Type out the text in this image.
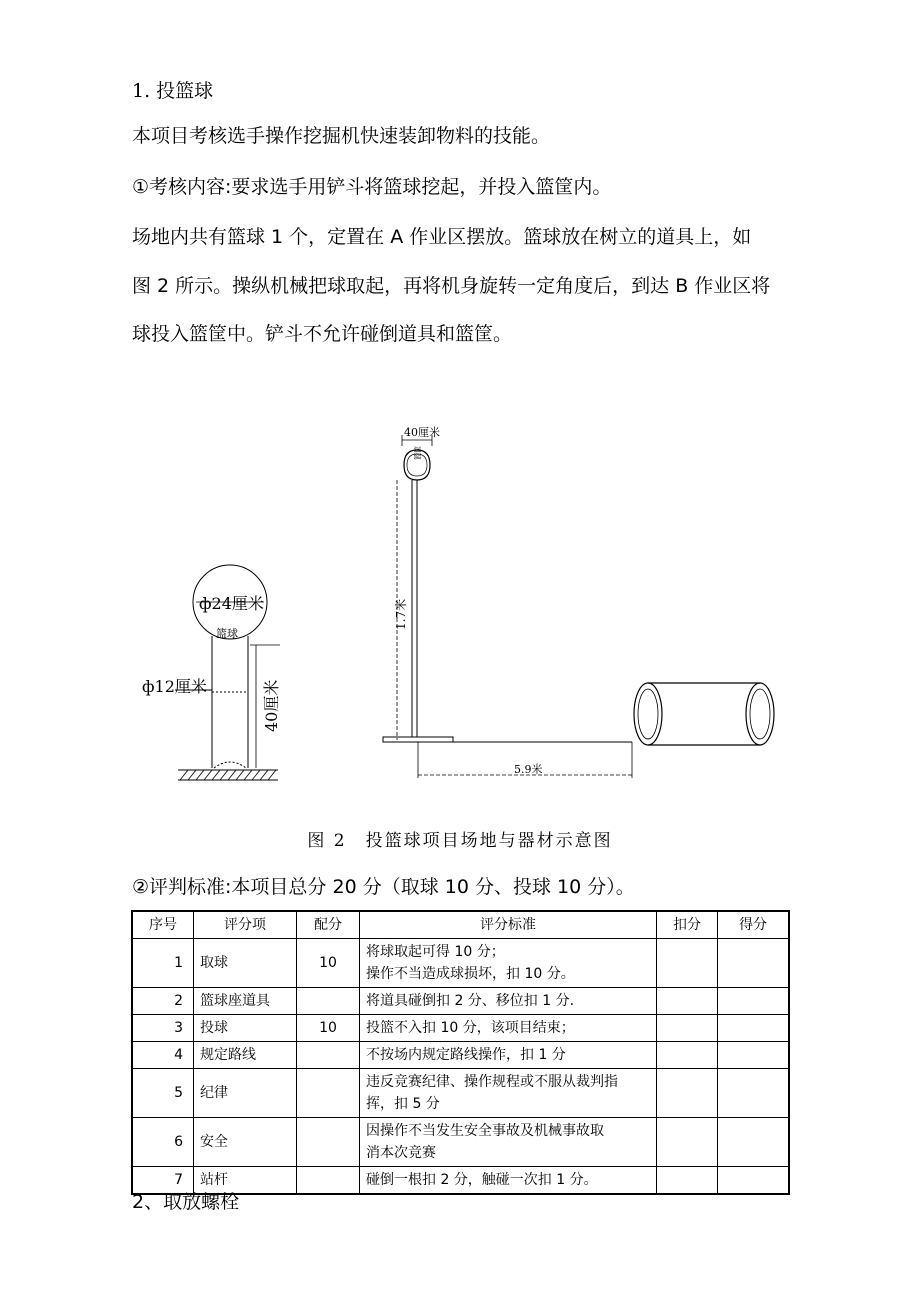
1. 投篮球
本项目考核选手操作挖掘机快速装卸物料的技能。
①考核内容:要求选手用铲斗将篮球挖起，并投入篮筐内。
场地内共有篮球 1 个，定置在 A 作业区摆放。篮球放在树立的道具上，如
图 2 所示。操纵机械把球取起，再将机身旋转一定角度后，到达 B 作业区将
球投入篮筐中。铲斗不允许碰倒道具和篮筐。
ф24厘米
篮球
ф12厘米	40厘米
40厘米
篮筐
1.7米
5.9米
图 2　投篮球项目场地与器材示意图
②评判标准:本项目总分 20 分（取球 10 分、投球 10 分）。
序号	评分项	配分	评分标准	扣分	得分
1	取球	10	将球取起可得 10 分；
操作不当造成球损坏，扣 10 分。		
2	篮球座道具		将道具碰倒扣 2 分、移位扣 1 分.		
3	投球	10	投篮不入扣 10 分，该项目结束；		
4	规定路线		不按场内规定路线操作，扣 1 分		
5	纪律		违反竞赛纪律、操作规程或不服从裁判指
挥，扣 5 分		
6	安全		因操作不当发生安全事故及机械事故取
消本次竞赛		
7	站杆		碰倒一根扣 2 分，触碰一次扣 1 分。		
2、取放螺栓
